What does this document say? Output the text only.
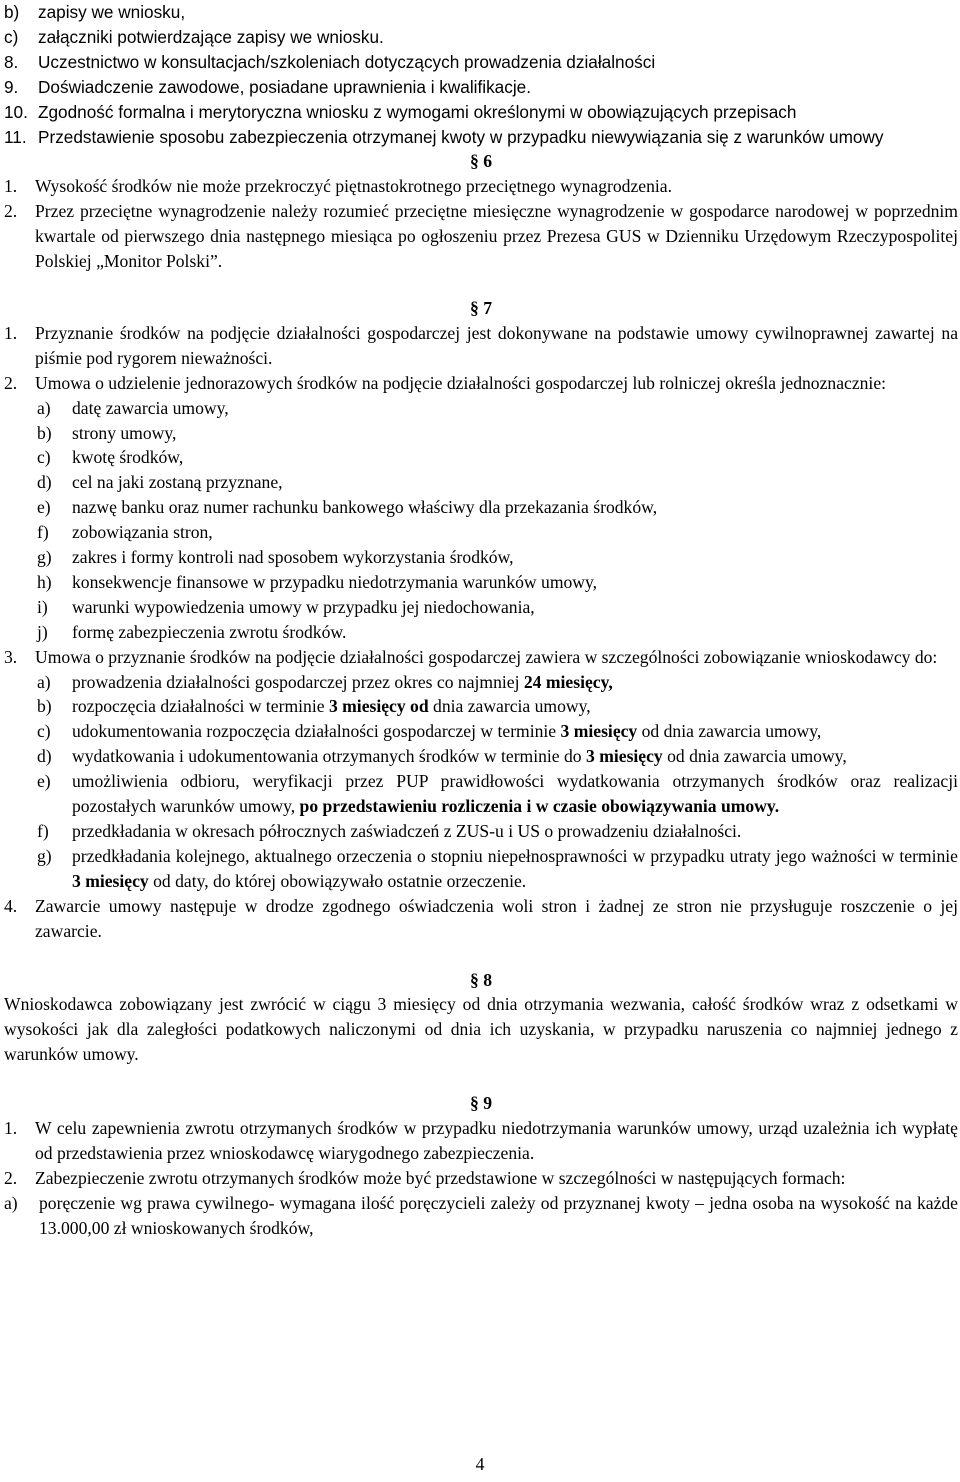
b)	zapisy we wniosku,
c)	załączniki potwierdzające zapisy we wniosku.
8.	Uczestnictwo w konsultacjach/szkoleniach dotyczących prowadzenia działalności
9.	Doświadczenie zawodowe, posiadane uprawnienia i kwalifikacje.
10. Zgodność formalna i merytoryczna wniosku z wymogami określonymi w obowiązujących przepisach
11. Przedstawienie sposobu zabezpieczenia otrzymanej kwoty w przypadku niewywiązania się z warunków umowy
§ 6
1.	Wysokość środków nie może przekroczyć piętnastokrotnego przeciętnego wynagrodzenia.
2.	Przez przeciętne wynagrodzenie należy rozumieć przeciętne miesięczne wynagrodzenie w gospodarce narodowej w poprzednim kwartale od pierwszego dnia następnego miesiąca po ogłoszeniu przez Prezesa GUS w Dzienniku Urzędowym Rzeczypospolitej Polskiej „Monitor Polski”.
§ 7
1.	Przyznanie środków na podjęcie działalności gospodarczej jest dokonywane na podstawie umowy cywilnoprawnej zawartej na piśmie pod rygorem nieważności.
2.	Umowa o udzielenie jednorazowych środków na podjęcie działalności gospodarczej lub rolniczej określa jednoznacznie:
a)	datę zawarcia umowy,
b)	strony umowy,
c)	kwotę środków,
d)	cel na jaki zostaną przyznane,
e)	nazwę banku oraz numer rachunku bankowego właściwy dla przekazania środków,
f)	zobowiązania stron,
g)	zakres i formy kontroli nad sposobem wykorzystania środków,
h)	konsekwencje finansowe w przypadku niedotrzymania warunków umowy,
i)	warunki wypowiedzenia umowy w przypadku jej niedochowania,
j)	formę zabezpieczenia zwrotu środków.
3.	Umowa o przyznanie środków na podjęcie działalności gospodarczej zawiera w szczególności zobowiązanie wnioskodawcy do:
a)	prowadzenia działalności gospodarczej przez okres co najmniej 24 miesięcy,
b)	rozpoczęcia działalności w terminie 3 miesięcy od dnia zawarcia umowy,
c)	udokumentowania rozpoczęcia działalności gospodarczej w terminie 3 miesięcy od dnia zawarcia umowy,
d)	wydatkowania i udokumentowania otrzymanych środków w terminie do 3 miesięcy od dnia zawarcia umowy,
e)	umożliwienia odbioru, weryfikacji przez PUP prawidłowości wydatkowania otrzymanych środków oraz realizacji pozostałych warunków umowy, po przedstawieniu rozliczenia i w czasie obowiązywania umowy.
f)	przedkładania w okresach półrocznych zaświadczeń z ZUS-u i US o prowadzeniu działalności.
g)	przedkładania kolejnego, aktualnego orzeczenia o stopniu niepełnosprawności w przypadku utraty jego ważności w terminie 3 miesięcy od daty, do której obowiązywało ostatnie orzeczenie.
4.	Zawarcie umowy następuje w drodze zgodnego oświadczenia woli stron i żadnej ze stron nie przysługuje roszczenie o jej zawarcie.
§ 8
Wnioskodawca zobowiązany jest zwrócić w ciągu 3 miesięcy od dnia otrzymania wezwania, całość środków wraz z odsetkami w wysokości jak dla zaległości podatkowych naliczonymi od dnia ich uzyskania, w przypadku naruszenia co najmniej jednego z warunków umowy.
§ 9
1.	W celu zapewnienia zwrotu otrzymanych środków w przypadku niedotrzymania warunków umowy, urząd uzależnia ich wypłatę od przedstawienia przez wnioskodawcę wiarygodnego zabezpieczenia.
2.	Zabezpieczenie zwrotu otrzymanych środków może być przedstawione w szczególności w następujących formach:
a)	poręczenie wg prawa cywilnego- wymagana ilość poręczycieli zależy od przyznanej kwoty – jedna osoba na wysokość na każde 13.000,00 zł wnioskowanych środków,
4
